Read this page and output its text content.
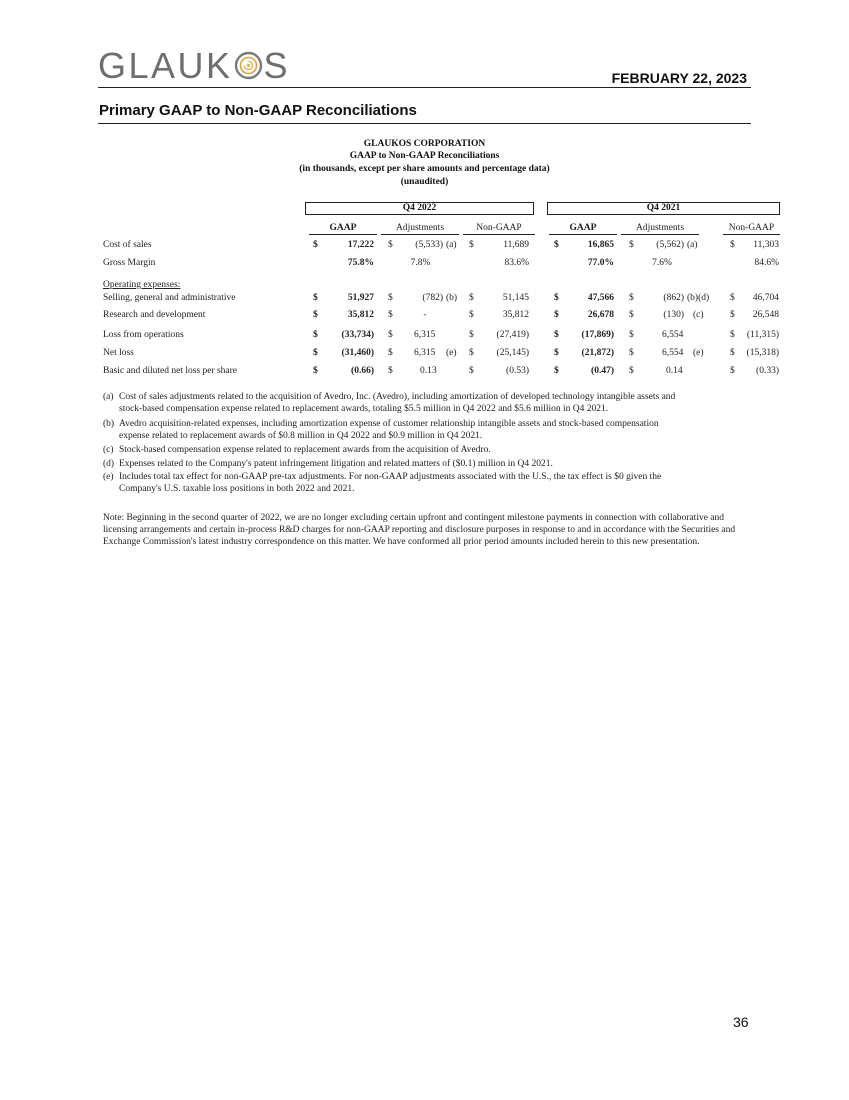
GLAUK S	FEBRUARY 22, 2023
Primary GAAP to Non-GAAP Reconciliations
GLAUKOS CORPORATION
GAAP to Non-GAAP Reconciliations
(in thousands, except per share amounts and percentage data)
(unaudited)
Q4 2022	Q4 2021
GAAP	Adjustments	Non-GAAP	GAAP	Adjustments	Non-GAAP
Cost of sales	$	17,222 $	(5,533) (a) $	11,689	$	16,865 $	(5,562) (a)	$	11,303
Gross Margin	75.8%	7.8%	83.6%	77.0%	7.6%	84.6%
Operating expenses:
Selling, general and administrative	$	51,927 $	(782) (b) $	51,145	$	47,566 $	(862) (b)(d) $	46,704
Research and development	$	35,812 $	-	$	35,812	$	26,678 $	(130) (c)	$	26,548
Loss from operations	$	(33,734) $ 6,315	$	(27,419)	$	(17,869) $	6,554	$	(11,315)
Net loss	$	(31,460) $ 6,315 (e) $	(25,145)	$	(21,872) $	6,554 (e)	$	(15,318)
Basic and diluted net loss per share	$	(0.66) $	0.13	$	(0.53)	$	(0.47) $	0.14	$	(0.33)
(a) Cost of sales adjustments related to the acquisition of Avedro, Inc. (Avedro), including amortization of developed technology intangible assets and
stock-based compensation expense related to replacement awards, totaling $5.5 million in Q4 2022 and $5.6 million in Q4 2021.
(b) Avedro acquisition-related expenses, including amortization expense of customer relationship intangible assets and stock-based compensation
expense related to replacement awards of $0.8 million in Q4 2022 and $0.9 million in Q4 2021.
(c) Stock-based compensation expense related to replacement awards from the acquisition of Avedro.
(d) Expenses related to the Company's patent infringement litigation and related matters of ($0.1) million in Q4 2021.
(e) Includes total tax effect for non-GAAP pre-tax adjustments. For non-GAAP adjustments associated with the U.S., the tax effect is $0 given the
Company's U.S. taxable loss positions in both 2022 and 2021.
Note: Beginning in the second quarter of 2022, we are no longer excluding certain upfront and contingent milestone payments in connection with collaborative and licensing arrangements and certain in-process R&D charges for non-GAAP reporting and disclosure purposes in response to and in accordance with the Securities and Exchange Commission's latest industry correspondence on this matter. We have conformed all prior period amounts included herein to this new presentation.
36
